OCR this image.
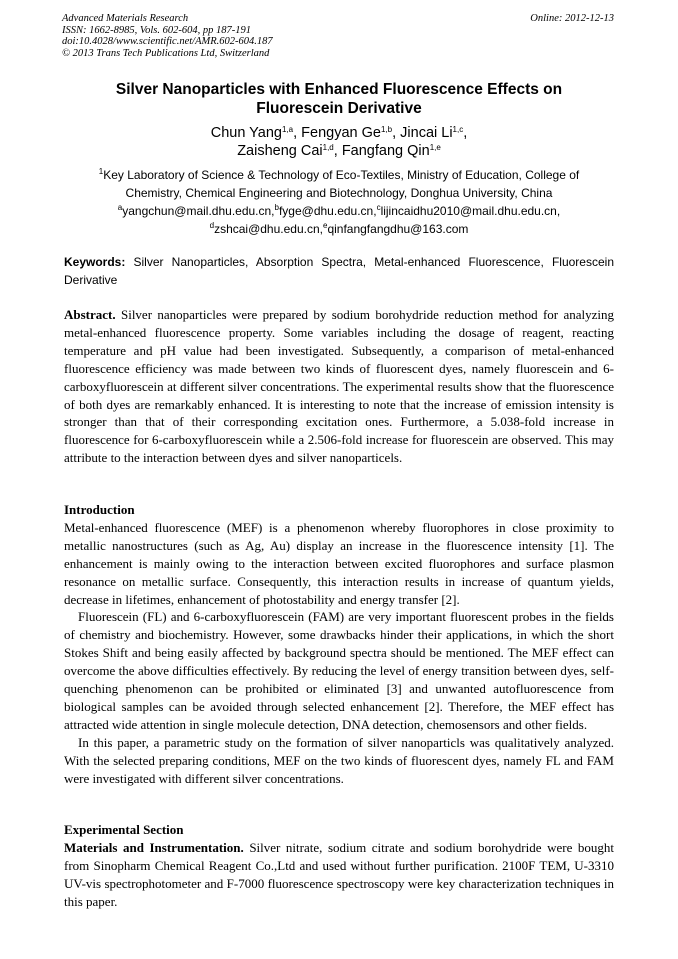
Advanced Materials Research	Online: 2012-12-13
ISSN: 1662-8985, Vols. 602-604, pp 187-191
doi:10.4028/www.scientific.net/AMR.602-604.187
© 2013 Trans Tech Publications Ltd, Switzerland
Silver Nanoparticles with Enhanced Fluorescence Effects on
Fluorescein Derivative
Chun Yang$^{1,a}$, Fengyan Ge$^{1,b}$, Jincai Li$^{1,c}$,
Zaisheng Cai$^{1,d}$, Fangfang Qin$^{1,e}$
$^1$Key Laboratory of Science & Technology of Eco-Textiles, Ministry of Education, College of
Chemistry, Chemical Engineering and Biotechnology, Donghua University, China
$^a$yangchun@mail.dhu.edu.cn,$^b$fyge@dhu.edu.cn,$^c$lijincaidhu2010@mail.dhu.edu.cn,
$^d$zshcai@dhu.edu.cn,$^e$qinfangfangdhu@163.com
Keywords: Silver Nanoparticles, Absorption Spectra, Metal-enhanced Fluorescence, Fluorescein Derivative

Abstract. Silver nanoparticles were prepared by sodium borohydride reduction method for analyzing metal-enhanced fluorescence property. Some variables including the dosage of reagent, reacting temperature and pH value had been investigated. Subsequently, a comparison of metal-enhanced fluorescence efficiency was made between two kinds of fluorescent dyes, namely fluorescein and 6-carboxyfluorescein at different silver concentrations. The experimental results show that the fluorescence of both dyes are remarkably enhanced. It is interesting to note that the increase of emission intensity is stronger than that of their corresponding excitation ones. Furthermore, a 5.038-fold increase in fluorescence for 6-carboxyfluorescein while a 2.506-fold increase for fluorescein are observed. This may attribute to the interaction between dyes and silver nanoparticels.

Introduction

Metal-enhanced fluorescence (MEF) is a phenomenon whereby fluorophores in close proximity to metallic nanostructures (such as Ag, Au) display an increase in the fluorescence intensity [1]. The enhancement is mainly owing to the interaction between excited fluorophores and surface plasmon resonance on metallic surface. Consequently, this interaction results in increase of quantum yields, decrease in lifetimes, enhancement of photostability and energy transfer [2].

Fluorescein (FL) and 6-carboxyfluorescein (FAM) are very important fluorescent probes in the fields of chemistry and biochemistry. However, some drawbacks hinder their applications, in which the short Stokes Shift and being easily affected by background spectra should be mentioned. The MEF effect can overcome the above difficulties effectively. By reducing the level of energy transition between dyes, self-quenching phenomenon can be prohibited or eliminated [3] and unwanted autofluorescence from biological samples can be avoided through selected enhancement [2]. Therefore, the MEF effect has attracted wide attention in single molecule detection, DNA detection, chemosensors and other fields.

In this paper, a parametric study on the formation of silver nanoparticls was qualitatively analyzed. With the selected preparing conditions, MEF on the two kinds of fluorescent dyes, namely FL and FAM were investigated with different silver concentrations.

Experimental Section

Materials and Instrumentation. Silver nitrate, sodium citrate and sodium borohydride were bought from Sinopharm Chemical Reagent Co.,Ltd and used without further purification. 2100F TEM, U-3310 UV-vis spectrophotometer and F-7000 fluorescence spectroscopy were key characterization techniques in this paper.
